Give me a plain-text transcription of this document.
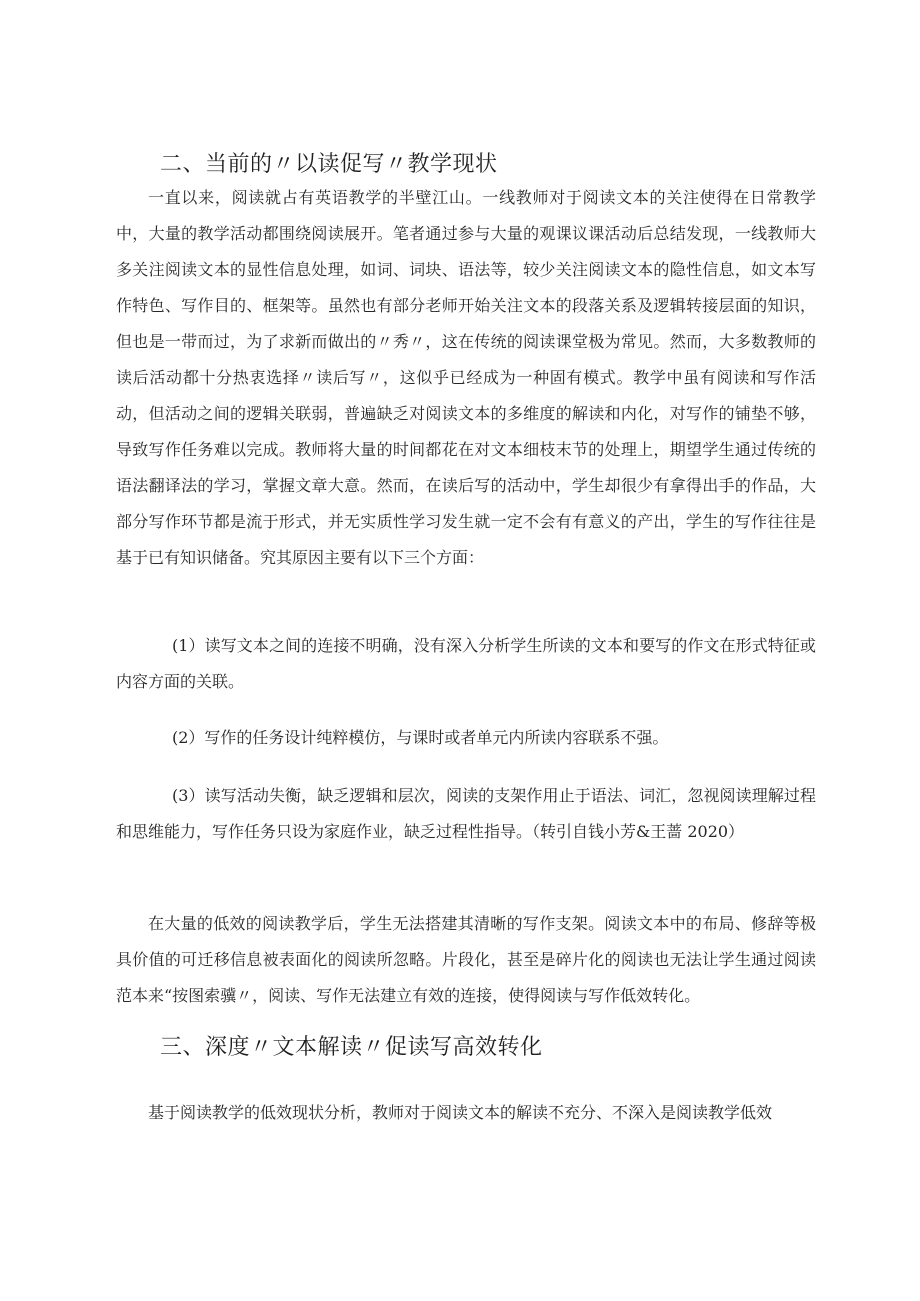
二、当前的〃以读促写〃教学现状
一直以来，阅读就占有英语教学的半壁江山。一线教师对于阅读文本的关注使得在日常教学中，大量的教学活动都围绕阅读展开。笔者通过参与大量的观课议课活动后总结发现，一线教师大多关注阅读文本的显性信息处理，如词、词块、语法等，较少关注阅读文本的隐性信息，如文本写作特色、写作目的、框架等。虽然也有部分老师开始关注文本的段落关系及逻辑转接层面的知识，但也是一带而过，为了求新而做出的〃秀〃，这在传统的阅读课堂极为常见。然而，大多数教师的读后活动都十分热衷选择〃读后写〃，这似乎已经成为一种固有模式。教学中虽有阅读和写作活动，但活动之间的逻辑关联弱，普遍缺乏对阅读文本的多维度的解读和内化，对写作的铺垫不够，导致写作任务难以完成。教师将大量的时间都花在对文本细枝末节的处理上，期望学生通过传统的语法翻译法的学习，掌握文章大意。然而，在读后写的活动中，学生却很少有拿得出手的作品，大部分写作环节都是流于形式，并无实质性学习发生就一定不会有有意义的产出，学生的写作往往是基于已有知识储备。究其原因主要有以下三个方面：
(1）读写文本之间的连接不明确，没有深入分析学生所读的文本和要写的作文在形式特征或内容方面的关联。
(2）写作的任务设计纯粹模仿，与课时或者单元内所读内容联系不强。
(3）读写活动失衡，缺乏逻辑和层次，阅读的支架作用止于语法、词汇，忽视阅读理解过程和思维能力，写作任务只设为家庭作业，缺乏过程性指导。（转引自钱小芳&王蔷 2020）
在大量的低效的阅读教学后，学生无法搭建其清晰的写作支架。阅读文本中的布局、修辞等极具价值的可迁移信息被表面化的阅读所忽略。片段化，甚至是碎片化的阅读也无法让学生通过阅读范本来“按图索骥〃，阅读、写作无法建立有效的连接，使得阅读与写作低效转化。
三、深度〃文本解读〃促读写高效转化
基于阅读教学的低效现状分析，教师对于阅读文本的解读不充分、不深入是阅读教学低效
